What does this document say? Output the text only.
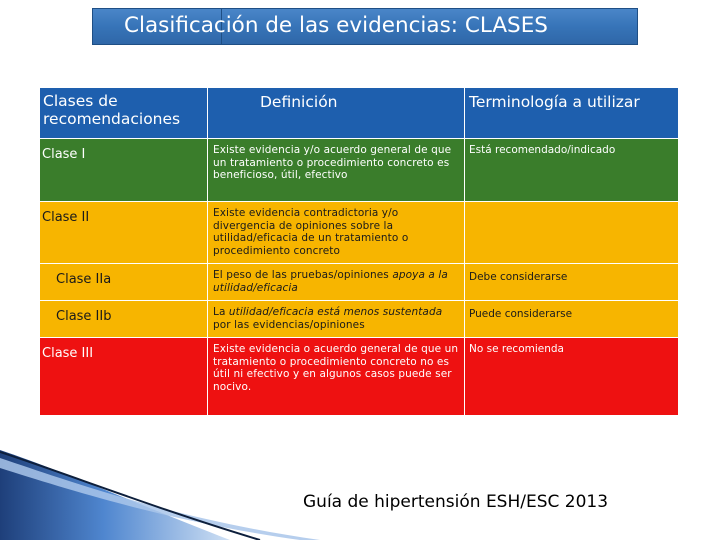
Clasificación de las evidencias: CLASES
Clases de recomendaciones	Definición	Terminología a utilizar
Clase I	Existe evidencia y/o acuerdo general de que un tratamiento o procedimiento concreto es beneficioso, útil, efectivo	Está recomendado/indicado
Clase II	Existe evidencia contradictoria y/o divergencia de opiniones sobre la utilidad/eficacia de un tratamiento o procedimiento concreto	
Clase IIa	El peso de las pruebas/opiniones apoya a la utilidad/eficacia	Debe considerarse
Clase IIb	La utilidad/eficacia está menos sustentada por las evidencias/opiniones	Puede considerarse
Clase III	Existe evidencia o acuerdo general de que un tratamiento o procedimiento concreto no es útil ni efectivo y en algunos casos puede ser nocivo.	No se recomienda
Guía de hipertensión ESH/ESC 2013
